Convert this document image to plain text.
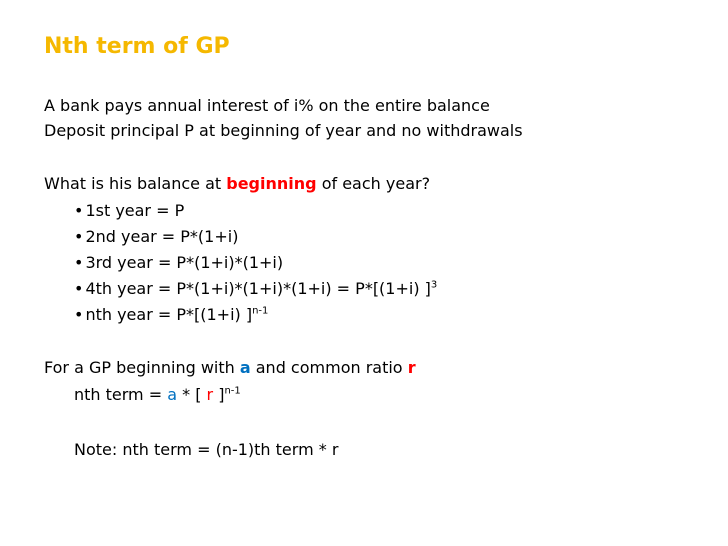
Nth term of GP
A bank pays annual interest of i% on the entire balance
Deposit principal P at beginning of year and no withdrawals
What is his balance at beginning of each year?
• 1st year = P
• 2nd year = P*(1+i)
• 3rd year = P*(1+i)*(1+i)
• 4th year = P*(1+i)*(1+i)*(1+i) = P*[(1+i) ]$^3$
• nth year = P*[(1+i) ]$^{n-1}$
For a GP beginning with a and common ratio r
nth term = a * [ r ]$^{n-1}$
Note: nth term = (n-1)th term * r
